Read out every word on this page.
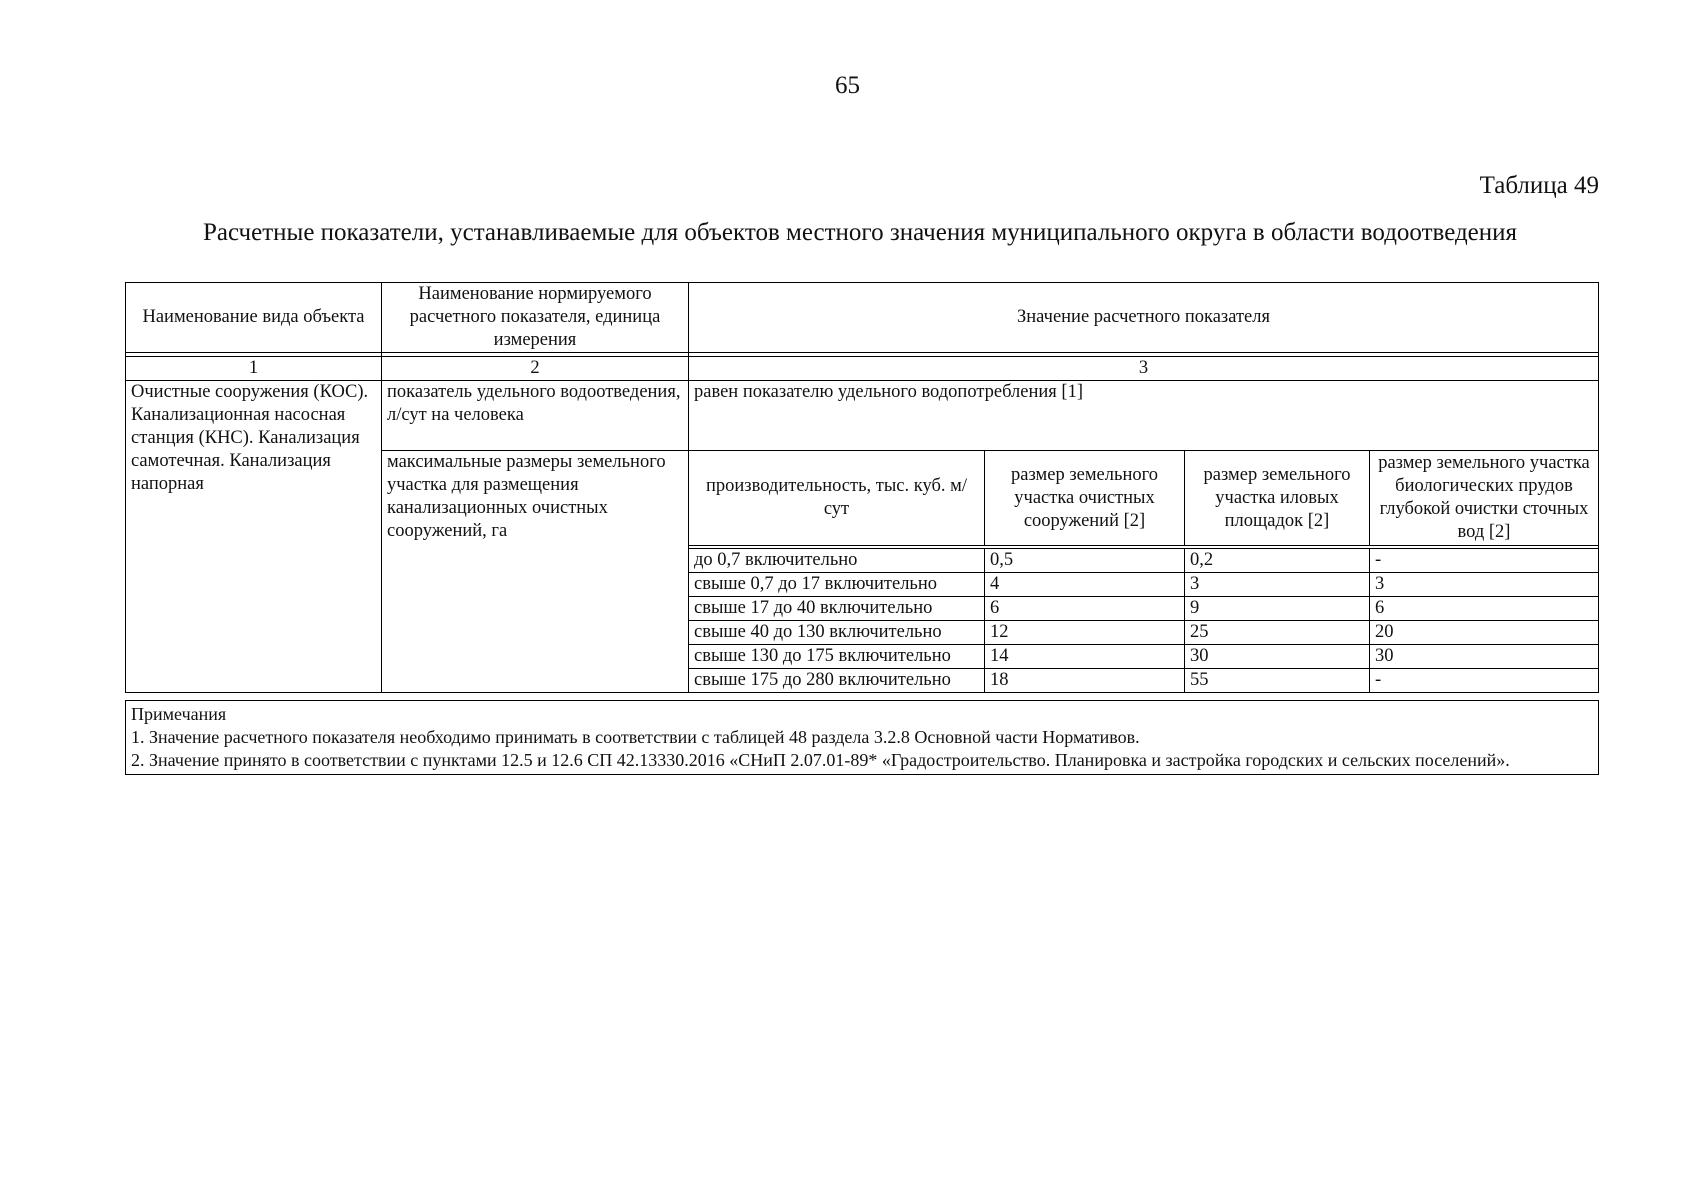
65
Таблица 49
Расчетные показатели, устанавливаемые для объектов местного значения муниципального округа в области водоотведения
Наименование вида объекта	Наименование нормируемого расчетного показателя, единица измерения	Значение расчетного показателя			

1	2	3			
Очистные сооружения (КОС). Канализационная насосная станция (КНС). Канализация самотечная. Канализация напорная	показатель удельного водоотведения, л/сут на человека	равен показателю удельного водопотребления [1]			
	максимальные размеры земельного участка для размещения канализационных очистных сооружений, га	производительность, тыс. куб. м/сут	размер земельного участка очистных сооружений [2]	размер земельного участка иловых площадок [2]	размер земельного участка биологических прудов глубокой очистки сточных вод [2]

		до 0,7 включительно	0,5	0,2	-
		свыше 0,7 до 17 включительно	4	3	3
		свыше 17 до 40 включительно	6	9	6
		свыше 40 до 130 включительно	12	25	20
		свыше 130 до 175 включительно	14	30	30
		свыше 175 до 280 включительно	18	55	-
Примечания
1. Значение расчетного показателя необходимо принимать в соответствии с таблицей 48 раздела 3.2.8 Основной части Нормативов.
2. Значение принято в соответствии с пунктами 12.5 и 12.6 СП 42.13330.2016 «СНиП 2.07.01-89* «Градостроительство. Планировка и застройка городских и сельских поселений».
